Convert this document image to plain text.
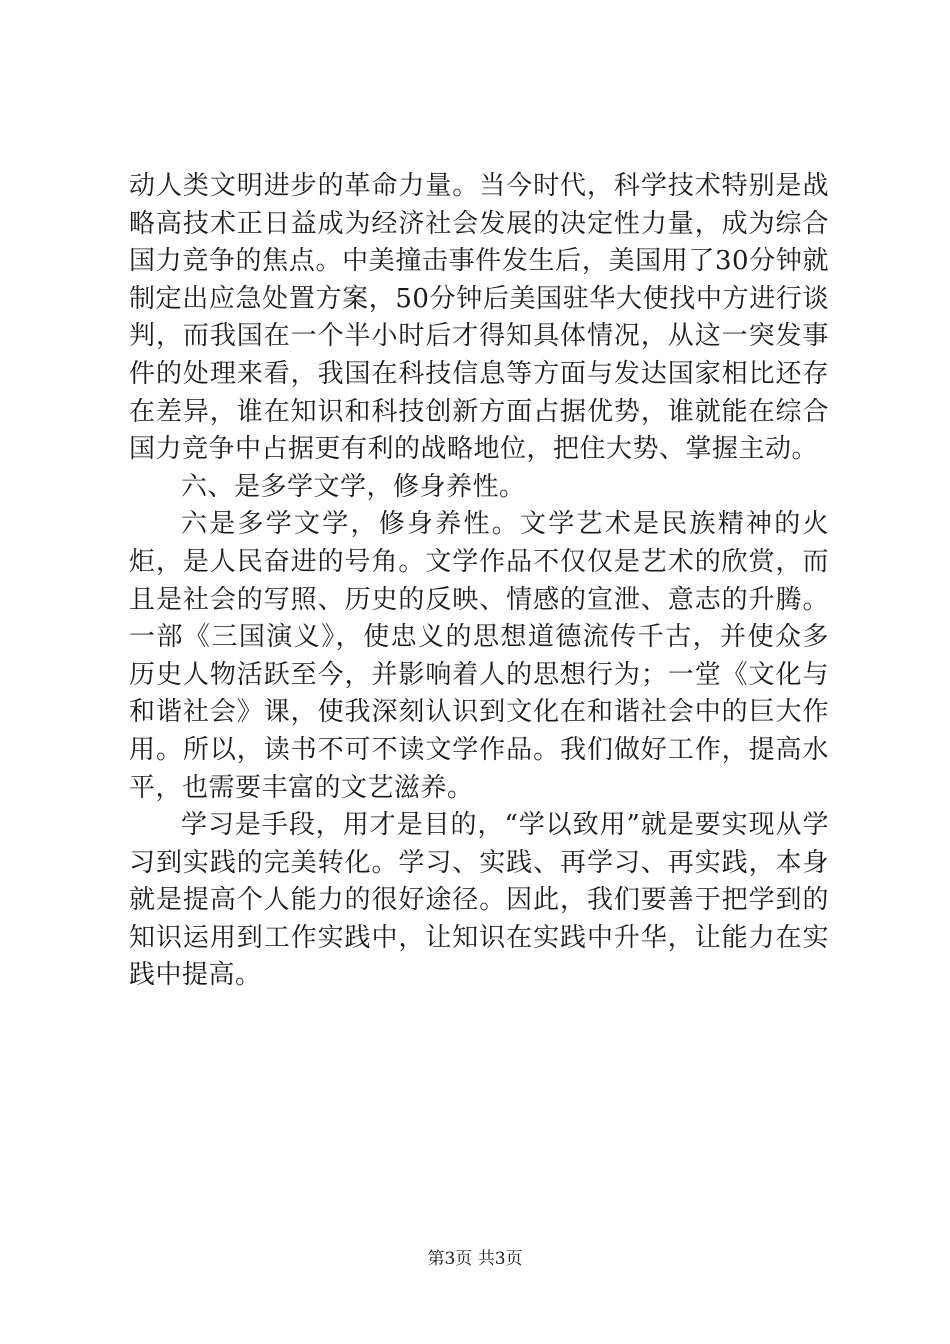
动人类文明进步的革命力量。当今时代，科学技术特别是战略高技术正日益成为经济社会发展的决定性力量，成为综合国力竞争的焦点。中美撞击事件发生后，美国用了30分钟就制定出应急处置方案，50分钟后美国驻华大使找中方进行谈判，而我国在一个半小时后才得知具体情况，从这一突发事件的处理来看，我国在科技信息等方面与发达国家相比还存在差异，谁在知识和科技创新方面占据优势，谁就能在综合国力竞争中占据更有利的战略地位，把住大势、掌握主动。

六、是多学文学，修身养性。

六是多学文学，修身养性。文学艺术是民族精神的火炬，是人民奋进的号角。文学作品不仅仅是艺术的欣赏，而且是社会的写照、历史的反映、情感的宣泄、意志的升腾。一部《三国演义》，使忠义的思想道德流传千古，并使众多历史人物活跃至今，并影响着人的思想行为；一堂《文化与和谐社会》课，使我深刻认识到文化在和谐社会中的巨大作用。所以，读书不可不读文学作品。我们做好工作，提高水平，也需要丰富的文艺滋养。

学习是手段，用才是目的，“学以致用”就是要实现从学习到实践的完美转化。学习、实践、再学习、再实践，本身就是提高个人能力的很好途径。因此，我们要善于把学到的知识运用到工作实践中，让知识在实践中升华，让能力在实践中提高。

第3页 共3页
